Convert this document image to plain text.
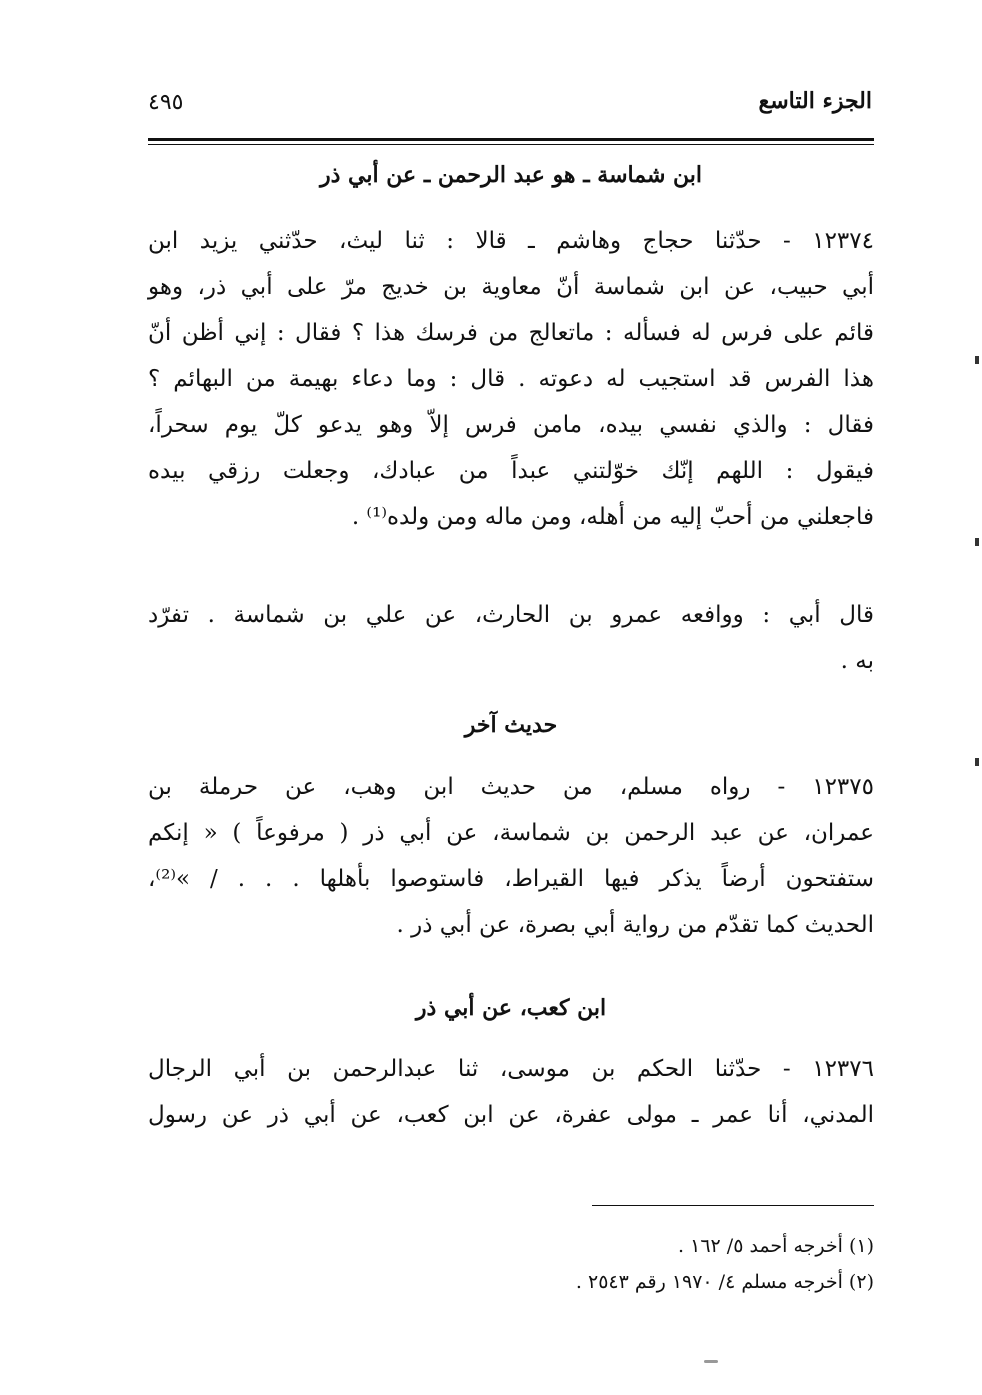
الجزء التاسع
٤٩٥
ابن شماسة ـ هو عبد الرحمن ـ عن أبي ذر
١٢٣٧٤ - حدّثنا حجاج وهاشم ـ قالا : ثنا ليث، حدّثني يزيد ابن
أبي حبيب، عن ابن شماسة أنّ معاوية بن خديج مرّ على أبي ذر، وهو
قائم على فرس له فسأله : ماتعالج من فرسك هذا ؟ فقال : إني أظن أنّ
هذا الفرس قد استجيب له دعوته . قال : وما دعاء بهيمة من البهائم ؟
فقال : والذي نفسي بيده، مامن فرس إلاّ وهو يدعو كلّ يوم سحراً،
فيقول : اللهم إنّك خوّلتني عبداً من عبادك، وجعلت رزقي بيده
فاجعلني من أحبّ إليه من أهله، ومن ماله ومن ولده⁽¹⁾ .
قال أبي : ووافعه عمرو بن الحارث، عن علي بن شماسة . تفرّد
به .
حديث آخر
١٢٣٧٥ - رواه مسلم، من حديث ابن وهب، عن حرملة بن
عمران، عن عبد الرحمن بن شماسة، عن أبي ذر ( مرفوعاً ) « إنكم
ستفتحون أرضاً يذكر فيها القيراط، فاستوصوا بأهلها . . . / »⁽²⁾،
الحديث كما تقدّم من رواية أبي بصرة، عن أبي ذر .
ابن كعب، عن أبي ذر
١٢٣٧٦ - حدّثنا الحكم بن موسى، ثنا عبدالرحمن بن أبي الرجال
المدني، أنا عمر ـ مولى عفرة، عن ابن كعب، عن أبي ذر عن رسول
(١) أخرجه أحمد ٥/ ١٦٢ .
(٢) أخرجه مسلم ٤/ ١٩٧٠ رقم ٢٥٤٣ .
